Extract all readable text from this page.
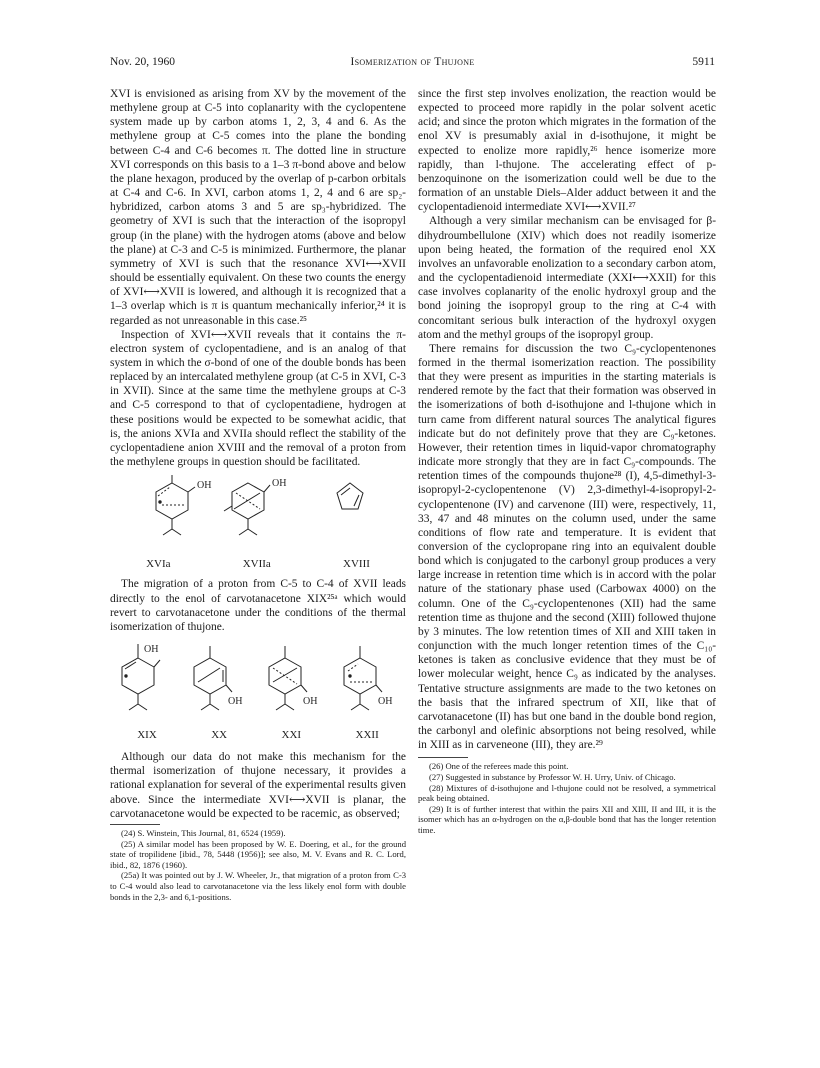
Nov. 20, 1960	Isomerization of Thujone	5911

XVI is envisioned as arising from XV by the movement of the methylene group at C-5 into coplanarity with the cyclopentene system made up by carbon atoms 1, 2, 3, 4 and 6. As the methylene group at C-5 comes into the plane the bonding between C-4 and C-6 becomes π. The dotted line in structure XVI corresponds on this basis to a 1–3 π-bond above and below the plane hexagon, produced by the overlap of p-carbon orbitals at C-4 and C-6. In XVI, carbon atoms 1, 2, 4 and 6 are sp₂-hybridized, carbon atoms 3 and 5 are sp₃-hybridized. The geometry of XVI is such that the interaction of the isopropyl group (in the plane) with the hydrogen atoms (above and below the plane) at C-3 and C-5 is minimized. Furthermore, the planar symmetry of XVI is such that the resonance XVI⟷XVII should be essentially equivalent. On these two counts the energy of XVI⟷XVII is lowered, and although it is recognized that a 1–3 overlap which is π is quantum mechanically inferior,²⁴ it is regarded as not unreasonable in this case.²⁵

Inspection of XVI⟷XVII reveals that it contains the π-electron system of cyclopentadiene, and is an analog of that system in which the σ-bond of one of the double bonds has been replaced by an intercalated methylene group (at C-5 in XVI, C-3 in XVII). Since at the same time the methylene groups at C-3 and C-5 correspond to that of cyclopentadiene, hydrogen at these positions would be expected to be somewhat acidic, that is, the anions XVIa and XVIIa should reflect the stability of the cyclopentadiene anion XVIII and the removal of a proton from the methylene groups in question should be facilitated.

OH	OH
XVIa	XVIIa	XVIII

The migration of a proton from C-5 to C-4 of XVII leads directly to the enol of carvotanacetone XIX²⁵ᵃ which would revert to carvotanacetone under the conditions of the thermal isomerization of thujone.

OH
OH	OH	OH
XIX	XX	XXI	XXII

Although our data do not make this mechanism for the thermal isomerization of thujone necessary, it provides a rational explanation for several of the experimental results given above. Since the intermediate XVI⟷XVII is planar, the carvotanacetone would be expected to be racemic, as observed;

(24) S. Winstein, This Journal, 81, 6524 (1959).

(25) A similar model has been proposed by W. E. Doering, et al., for the ground state of tropilidene [ibid., 78, 5448 (1956)]; see also, M. V. Evans and R. C. Lord, ibid., 82, 1876 (1960).

(25a) It was pointed out by J. W. Wheeler, Jr., that migration of a proton from C-3 to C-4 would also lead to carvotanacetone via the less likely enol form with double bonds in the 2,3- and 6,1-positions.

since the first step involves enolization, the reaction would be expected to proceed more rapidly in the polar solvent acetic acid; and since the proton which migrates in the formation of the enol XV is presumably axial in d-isothujone, it might be expected to enolize more rapidly,²⁶ hence isomerize more rapidly, than l-thujone. The accelerating effect of p-benzoquinone on the isomerization could well be due to the formation of an unstable Diels–Alder adduct between it and the cyclopentadienoid intermediate XVI⟷XVII.²⁷

Although a very similar mechanism can be envisaged for β-dihydroumbellulone (XIV) which does not readily isomerize upon being heated, the formation of the required enol XX involves an unfavorable enolization to a secondary carbon atom, and the cyclopentadienoid intermediate (XXI⟷XXII) for this case involves coplanarity of the enolic hydroxyl group and the bond joining the isopropyl group to the ring at C-4 with concomitant serious bulk interaction of the hydroxyl oxygen atom and the methyl groups of the isopropyl group.

There remains for discussion the two C₉-cyclopentenones formed in the thermal isomerization reaction. The possibility that they were present as impurities in the starting materials is rendered remote by the fact that their formation was observed in the isomerizations of both d-isothujone and l-thujone which in turn came from different natural sources The analytical figures indicate but do not definitely prove that they are C₉-ketones. However, their retention times in liquid-vapor chromatography indicate more strongly that they are in fact C₉-compounds. The retention times of the compounds thujone²⁸ (I), 4,5-dimethyl-3-isopropyl-2-cyclopentenone (V) 2,3-dimethyl-4-isopropyl-2-cyclopentenone (IV) and carvenone (III) were, respectively, 11, 33, 47 and 48 minutes on the column used, under the same conditions of flow rate and temperature. It is evident that conversion of the cyclopropane ring into an equivalent double bond which is conjugated to the carbonyl group produces a very large increase in retention time which is in accord with the polar nature of the stationary phase used (Carbowax 4000) on the column. One of the C₉-cyclopentenones (XII) had the same retention time as thujone and the second (XIII) followed thujone by 3 minutes. The low retention times of XII and XIII taken in conjunction with the much longer retention times of the C₁₀-ketones is taken as conclusive evidence that they must be of lower molecular weight, hence C₉ as indicated by the analyses. Tentative structure assignments are made to the two ketones on the basis that the infrared spectrum of XII, like that of carvotanacetone (II) has but one band in the double bond region, the carbonyl and olefinic absorptions not being resolved, while in XIII as in carveneone (III), they are.²⁹

(26) One of the referees made this point.

(27) Suggested in substance by Professor W. H. Urry, Univ. of Chicago.

(28) Mixtures of d-isothujone and l-thujone could not be resolved, a symmetrical peak being obtained.

(29) It is of further interest that within the pairs XII and XIII, II and III, it is the isomer which has an α-hydrogen on the α,β-double bond that has the longer retention time.
